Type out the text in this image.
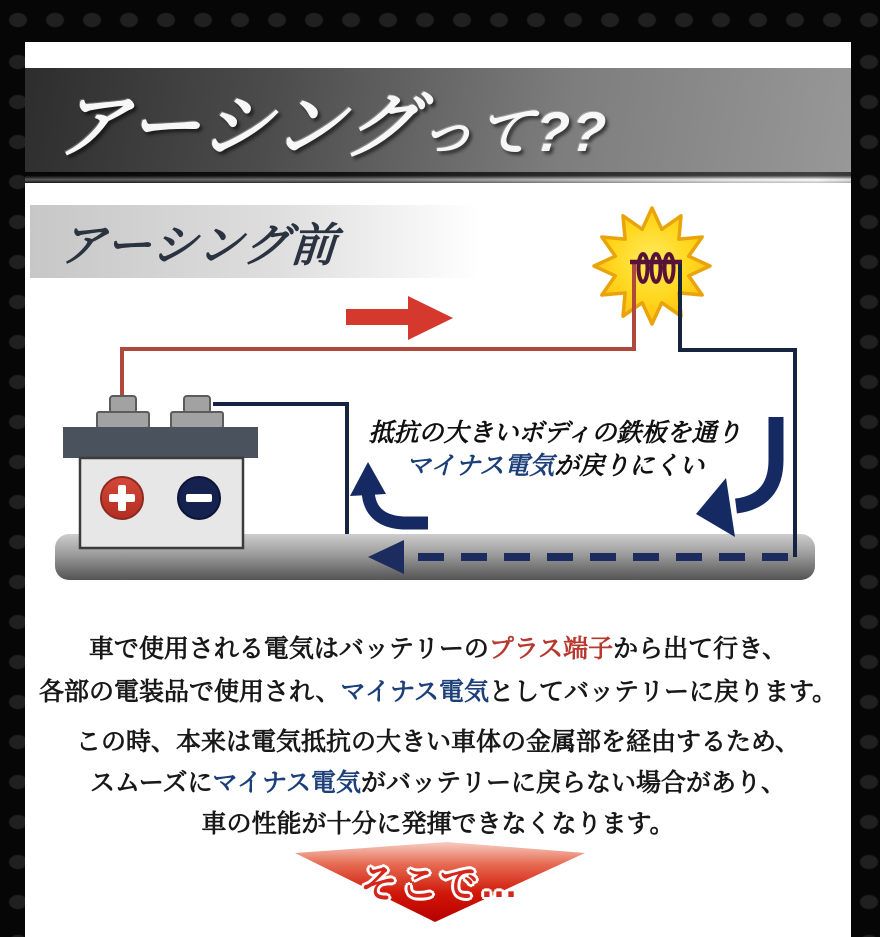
アーシングって??
アーシング前
抵抗の大きいボディの鉄板を通り
マイナス電気が戻りにくい
車で使用される電気はバッテリーのプラス端子から出て行き、
各部の電装品で使用され、マイナス電気としてバッテリーに戻ります。
この時、本来は電気抵抗の大きい車体の金属部を経由するため、
スムーズにマイナス電気がバッテリーに戻らない場合があり、
車の性能が十分に発揮できなくなります。
そこで…
